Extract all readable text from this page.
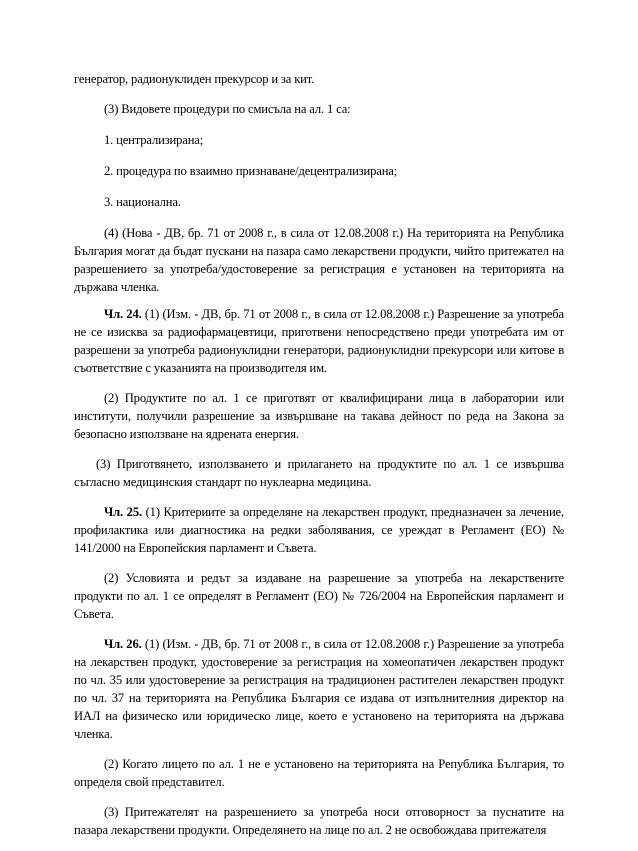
генератор, радионуклиден прекурсор и за кит.

(3) Видовете процедури по смисъла на ал. 1 са:

1. централизирана;

2. процедура по взаимно признаване/децентрализирана;

3. национална.

(4) (Нова - ДВ, бр. 71 от 2008 г., в сила от 12.08.2008 г.) На територията на Република България могат да бъдат пускани на пазара само лекарствени продукти, чийто притежател на разрешението за употреба/удостоверение за регистрация е установен на територията на държава членка.

Чл. 24. (1) (Изм. - ДВ, бр. 71 от 2008 г., в сила от 12.08.2008 г.) Разрешение за употреба не се изисква за радиофармацевтици, приготвени непосредствено преди употребата им от разрешени за употреба радионуклидни генератори, радионуклидни прекурсори или китове в съответствие с указанията на производителя им.

(2) Продуктите по ал. 1 се приготвят от квалифицирани лица в лаборатории или институти, получили разрешение за извършване на такава дейност по реда на Закона за безопасно използване на ядрената енергия.

(3) Приготвянето, използването и прилагането на продуктите по ал. 1 се извършва съгласно медицинския стандарт по нуклеарна медицина.

Чл. 25. (1) Критериите за определяне на лекарствен продукт, предназначен за лечение, профилактика или диагностика на редки заболявания, се уреждат в Регламент (ЕО) № 141/2000 на Европейския парламент и Съвета.

(2) Условията и редът за издаване на разрешение за употреба на лекарствените продукти по ал. 1 се определят в Регламент (ЕО) № 726/2004 на Европейския парламент и Съвета.

Чл. 26. (1) (Изм. - ДВ, бр. 71 от 2008 г., в сила от 12.08.2008 г.) Разрешение за употреба на лекарствен продукт, удостоверение за регистрация на хомеопатичен лекарствен продукт по чл. 35 или удостоверение за регистрация на традиционен растителен лекарствен продукт по чл. 37 на територията на Република България се издава от изпълнителния директор на ИАЛ на физическо или юридическо лице, което е установено на територията на държава членка.

(2) Когато лицето по ал. 1 не е установено на територията на Република България, то определя свой представител.

(3) Притежателят на разрешението за употреба носи отговорност за пуснатите на пазара лекарствени продукти. Определянето на лице по ал. 2 не освобождава притежателя
